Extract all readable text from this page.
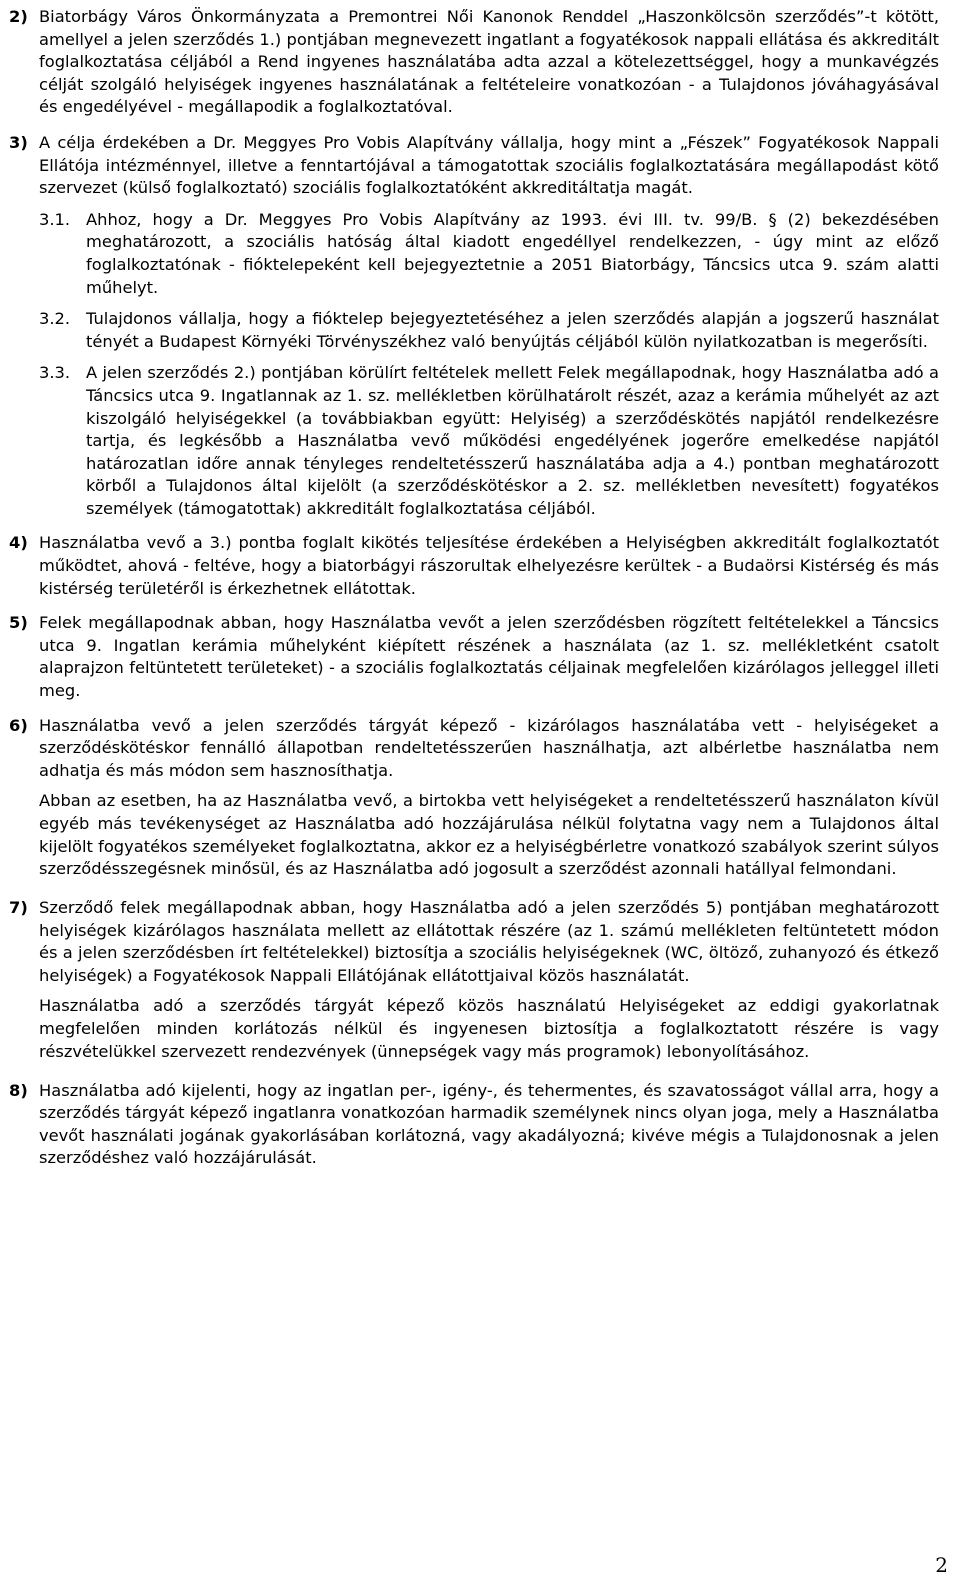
2) Biatorbágy Város Önkormányzata a Premontrei Női Kanonok Renddel „Haszonkölcsön szerződés”-t kötött, amellyel a jelen szerződés 1.) pontjában megnevezett ingatlant a fogyatékosok nappali ellátása és akkreditált foglalkoztatása céljából a Rend ingyenes használatába adta azzal a kötelezettséggel, hogy a munkavégzés célját szolgáló helyiségek ingyenes használatának a feltételeire vonatkozóan - a Tulajdonos jóváhagyásával és engedélyével - megállapodik a foglalkoztatóval.

3) A célja érdekében a Dr. Meggyes Pro Vobis Alapítvány vállalja, hogy mint a „Fészek” Fogyatékosok Nappali Ellátója intézménnyel, illetve a fenntartójával a támogatottak szociális foglalkoztatására megállapodást kötő szervezet (külső foglalkoztató) szociális foglalkoztatóként akkreditáltatja magát.

3.1. Ahhoz, hogy a Dr. Meggyes Pro Vobis Alapítvány az 1993. évi III. tv. 99/B. § (2) bekezdésében meghatározott, a szociális hatóság által kiadott engedéllyel rendelkezzen, - úgy mint az előző foglalkoztatónak - fióktelepeként kell bejegyeztetnie a 2051 Biatorbágy, Táncsics utca 9. szám alatti műhelyt.

3.2. Tulajdonos vállalja, hogy a fióktelep bejegyeztetéséhez a jelen szerződés alapján a jogszerű használat tényét a Budapest Környéki Törvényszékhez való benyújtás céljából külön nyilatkozatban is megerősíti.

3.3. A jelen szerződés 2.) pontjában körülírt feltételek mellett Felek megállapodnak, hogy Használatba adó a Táncsics utca 9. Ingatlannak az 1. sz. mellékletben körülhatárolt részét, azaz a kerámia műhelyét az azt kiszolgáló helyiségekkel (a továbbiakban együtt: Helyiség) a szerződéskötés napjától rendelkezésre tartja, és legkésőbb a Használatba vevő működési engedélyének jogerőre emelkedése napjától határozatlan időre annak tényleges rendeltetésszerű használatába adja a 4.) pontban meghatározott körből a Tulajdonos által kijelölt (a szerződéskötéskor a 2. sz. mellékletben nevesített) fogyatékos személyek (támogatottak) akkreditált foglalkoztatása céljából.

4) Használatba vevő a 3.) pontba foglalt kikötés teljesítése érdekében a Helyiségben akkreditált foglalkoztatót működtet, ahová - feltéve, hogy a biatorbágyi rászorultak elhelyezésre kerültek - a Budaörsi Kistérség és más kistérség területéről is érkezhetnek ellátottak.

5) Felek megállapodnak abban, hogy Használatba vevőt a jelen szerződésben rögzített feltételekkel a Táncsics utca 9. Ingatlan kerámia műhelyként kiépített részének a használata (az 1. sz. mellékletként csatolt alaprajzon feltüntetett területeket) - a szociális foglalkoztatás céljainak megfelelően kizárólagos jelleggel illeti meg.

6) Használatba vevő a jelen szerződés tárgyát képező - kizárólagos használatába vett - helyiségeket a szerződéskötéskor fennálló állapotban rendeltetésszerűen használhatja, azt albérletbe használatba nem adhatja és más módon sem hasznosíthatja.

Abban az esetben, ha az Használatba vevő, a birtokba vett helyiségeket a rendeltetésszerű használaton kívül egyéb más tevékenységet az Használatba adó hozzájárulása nélkül folytatna vagy nem a Tulajdonos által kijelölt fogyatékos személyeket foglalkoztatna, akkor ez a helyiségbérletre vonatkozó szabályok szerint súlyos szerződésszegésnek minősül, és az Használatba adó jogosult a szerződést azonnali hatállyal felmondani.

7) Szerződő felek megállapodnak abban, hogy Használatba adó a jelen szerződés 5) pontjában meghatározott helyiségek kizárólagos használata mellett az ellátottak részére (az 1. számú mellékleten feltüntetett módon és a jelen szerződésben írt feltételekkel) biztosítja a szociális helyiségeknek (WC, öltöző, zuhanyozó és étkező helyiségek) a Fogyatékosok Nappali Ellátójának ellátottjaival közös használatát.

Használatba adó a szerződés tárgyát képező közös használatú Helyiségeket az eddigi gyakorlatnak megfelelően minden korlátozás nélkül és ingyenesen biztosítja a foglalkoztatott részére is vagy részvételükkel szervezett rendezvények (ünnepségek vagy más programok) lebonyolításához.

8) Használatba adó kijelenti, hogy az ingatlan per-, igény-, és tehermentes, és szavatosságot vállal arra, hogy a szerződés tárgyát képező ingatlanra vonatkozóan harmadik személynek nincs olyan joga, mely a Használatba vevőt használati jogának gyakorlásában korlátozná, vagy akadályozná; kivéve mégis a Tulajdonosnak a jelen szerződéshez való hozzájárulását.

2
